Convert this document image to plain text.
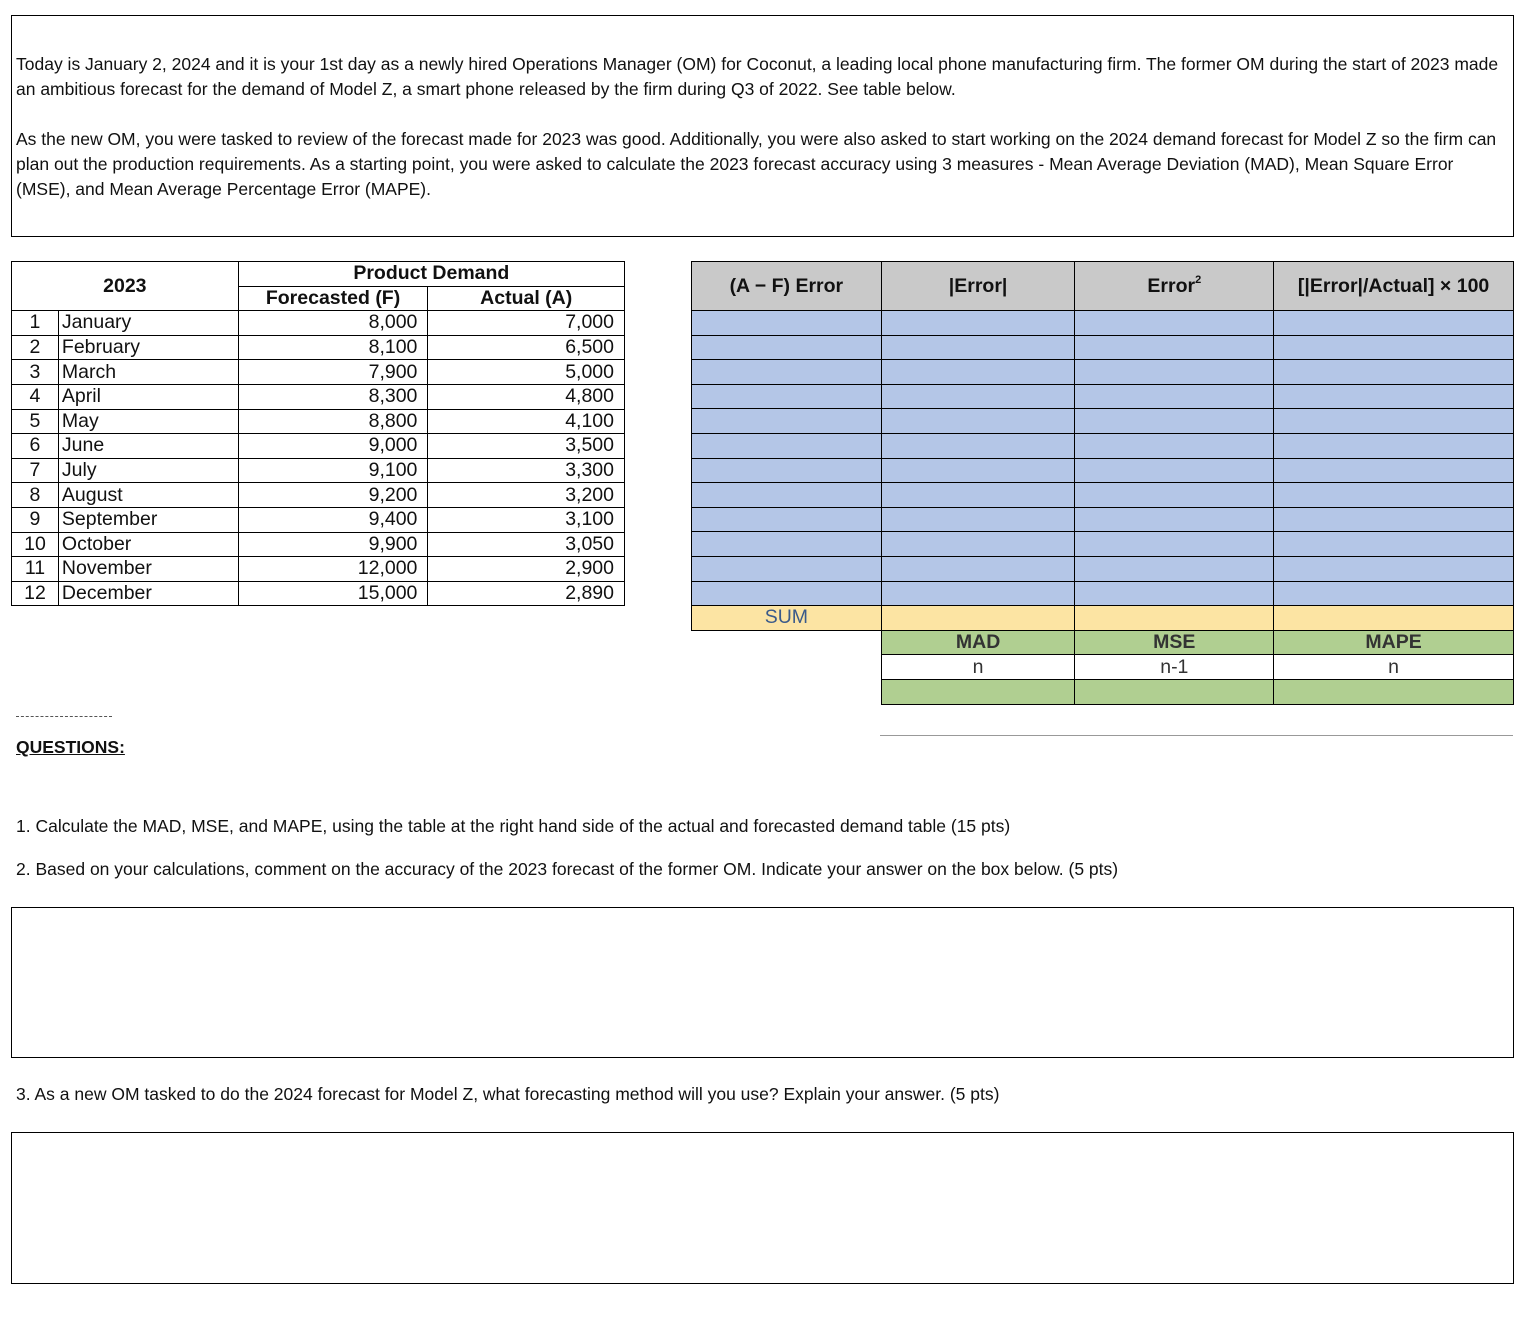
Today is January 2, 2024 and it is your 1st day as a newly hired Operations Manager (OM) for Coconut, a leading local phone manufacturing firm. The former OM during the start of 2023 made an ambitious forecast for the demand of Model Z, a smart phone released by the firm during Q3 of 2022. See table below.

As the new OM, you were tasked to review of the forecast made for 2023 was good. Additionally, you were also asked to start working on the 2024 demand forecast for Model Z so the firm can plan out the production requirements. As a starting point, you were asked to calculate the 2023 forecast accuracy using 3 measures - Mean Average Deviation (MAD), Mean Square Error (MSE), and Mean Average Percentage Error (MAPE).

2023		Product Demand	
		Forecasted (F)	Actual (A)
1	January	8,000	7,000
2	February	8,100	6,500
3	March	7,900	5,000
4	April	8,300	4,800
5	May	8,800	4,100
6	June	9,000	3,500
7	July	9,100	3,300
8	August	9,200	3,200
9	September	9,400	3,100
10	October	9,900	3,050
11	November	12,000	2,900
12	December	15,000	2,890
(A − F) Error	|Error|	Error$^2$	[|Error|/Actual] × 100

SUM			
	MAD	MSE	MAPE
	n	n-1	n

QUESTIONS:
1. Calculate the MAD, MSE, and MAPE, using the table at the right hand side of the actual and forecasted demand table (15 pts)
2. Based on your calculations, comment on the accuracy of the 2023 forecast of the former OM. Indicate your answer on the box below. (5 pts)
3. As a new OM tasked to do the 2024 forecast for Model Z, what forecasting method will you use? Explain your answer. (5 pts)
